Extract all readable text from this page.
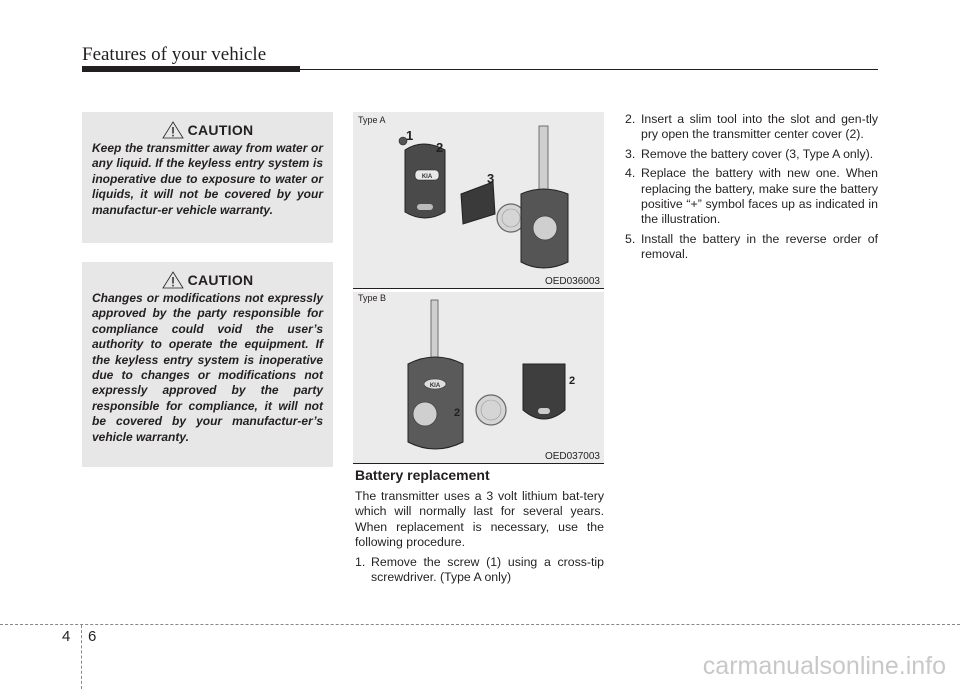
Features of your vehicle
CAUTION

Keep the transmitter away from water or any liquid. If the keyless entry system is inoperative due to exposure to water or liquids, it will not be covered by your manufactur-er vehicle warranty.

CAUTION

Changes or modifications not expressly approved by the party responsible for compliance could void the user’s authority to operate the equipment. If the keyless entry system is inoperative due to changes or modifications not expressly approved by the party responsible for compliance, it will not be covered by your manufactur-er’s vehicle warranty.

KIA
1
2
3
Type A
OED036003
KIA
2
2
Type B
OED037003
Battery replacement

The transmitter uses a 3 volt lithium bat-tery which will normally last for several years. When replacement is necessary, use the following procedure.

1. Remove the screw (1) using a cross-tip screwdriver. (Type A only)
2. Insert a slim tool into the slot and gen-tly pry open the transmitter center cover (2).
3. Remove the battery cover (3, Type A only).
4. Replace the battery with new one. When replacing the battery, make sure the battery positive “+” symbol faces up as indicated in the illustration.
5. Install the battery in the reverse order of removal.
4 6
carmanualsonline.info
